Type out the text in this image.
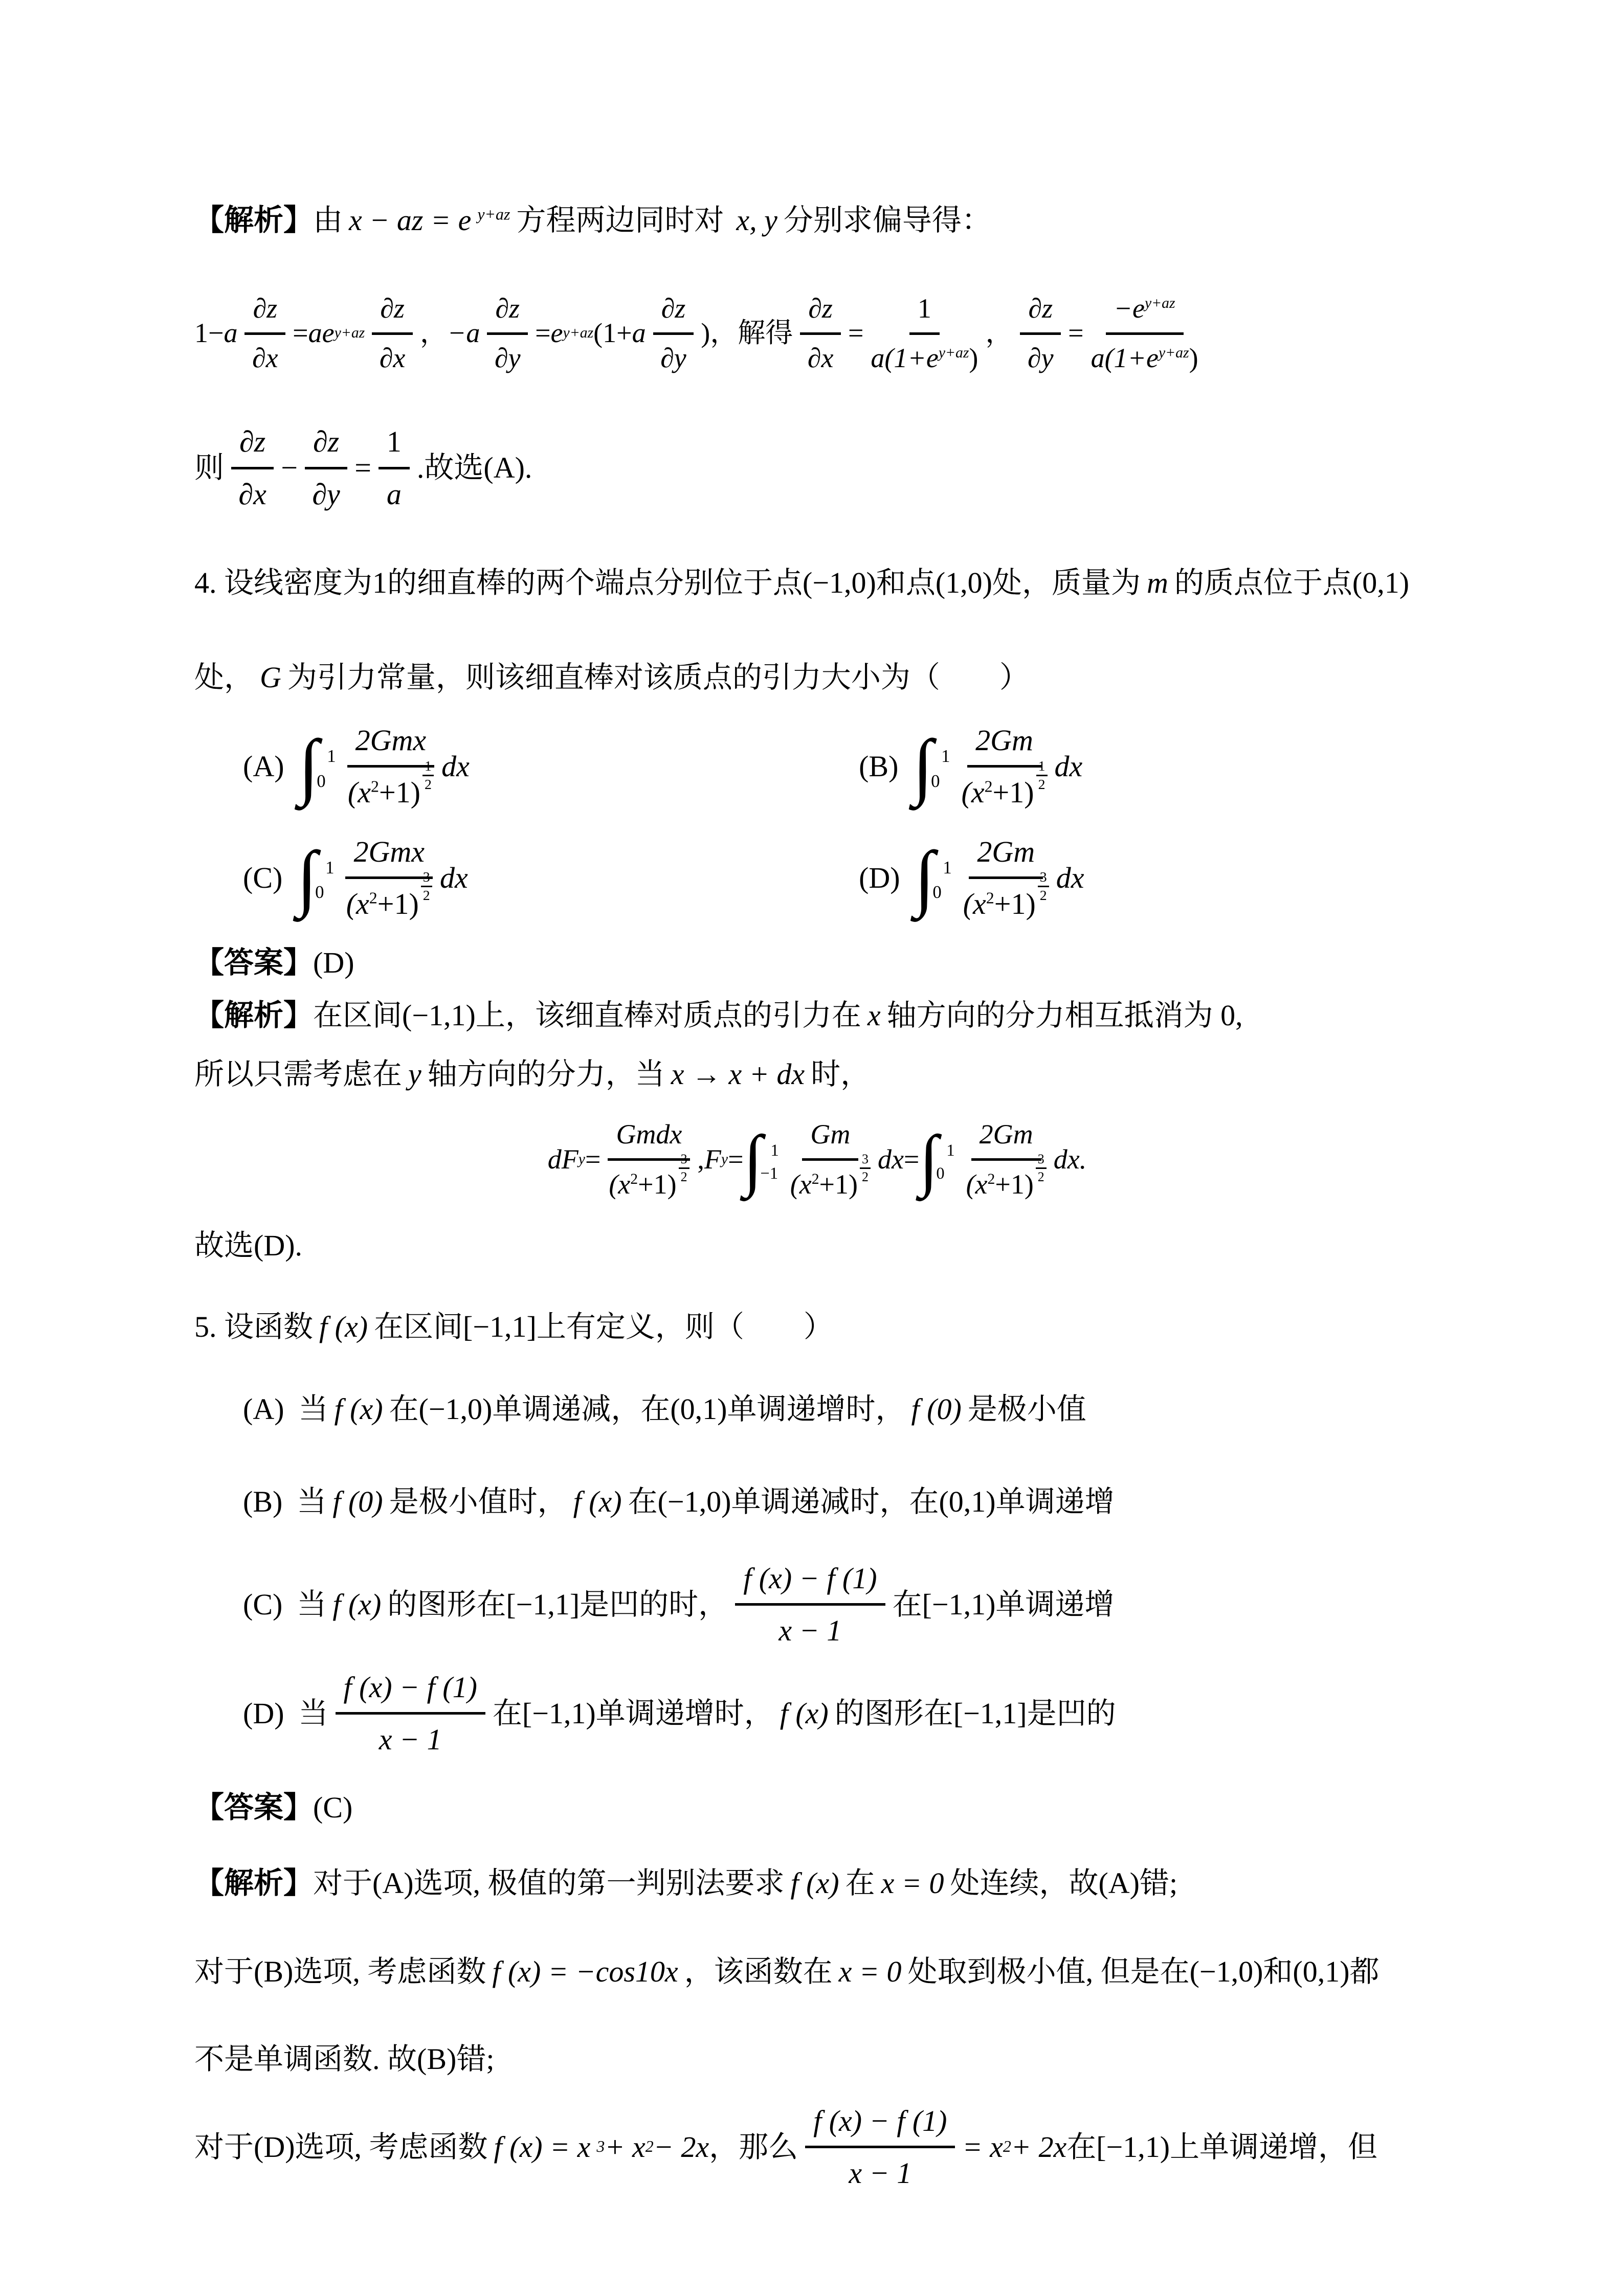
【解析】由 x − az = e $^{y+az}$ 方程两边同时对 x, y 分别求偏导得：

1− a $\frac{\partial z}{\partial x}$ = ae $y+az \frac{\partial z}{\partial x}$ ， $-a \frac{\partial z}{\partial y} = e$ y+az (1+ a $\frac{\partial z}{\partial y}$ ) ， 解得 $\frac{\partial z}{\partial x} = \frac{1}{a(1+e^{y+az})}$ ， $\frac{\partial z}{\partial y} = \frac{-e^{y+az}}{a(1+e^{y+az})}$
则 $\frac{\partial z}{\partial x} - \frac{\partial z}{\partial y} = \frac{1}{a}$ .故选(A).

4. 设线密度为1的细直棒的两个端点分别位于点(−1,0)和点(1,0)处，质量为 m 的质点位于点(0,1)

处， G 为引力常量，则该细直棒对该质点的引力大小为（　　）

(A) ∫ 1
0 2Gmx
$(x^2+1)$
$\frac{1}{2}$ dx	(B) ∫ 1
0 2Gm
$(x^2+1)$
$\frac{1}{2}$ dx
(C) ∫ 1
0 2Gmx
$(x^2+1)$
$\frac{3}{2}$ dx	(D) ∫ 1
0 2Gm
$(x^2+1)$
$\frac{3}{2}$ dx

【答案】(D)

【解析】在区间(−1,1)上，该细直棒对质点的引力在 x 轴方向的分力相互抵消为 0,

所以只需考虑在 y 轴方向的分力，当 x → x + dx 时，

dF y = Gmdx
$(x^2+1)$
$\frac{3}{2}$ , F y = ∫ 1
−1 Gm
$(x^2+1)$
$\frac{3}{2}$ dx = ∫ 1
0 2Gm
$(x^2+1)$
$\frac{3}{2}$ dx.

故选(D).

5. 设函数 f (x) 在区间[−1,1]上有定义，则（　　）

(A) 当 f (x) 在(−1,0)单调递减，在(0,1)单调递增时， f (0) 是极小值
(B) 当 f (0) 是极小值时， f (x) 在(−1,0)单调递减时，在(0,1)单调递增
(C) 当 f (x) 的图形在[−1,1]是凹的时， $\frac{f (x) - f (1)}{x - 1}$ 在[−1,1)单调递增
(D) 当 $\frac{f (x) - f (1)}{x - 1}$ 在[−1,1)单调递增时， f (x) 的图形在[−1,1]是凹的

【答案】(C)

【解析】对于(A)选项, 极值的第一判别法要求 f (x) 在 x = 0 处连续，故(A)错;

对于(B)选项, 考虑函数 f (x) = −cos10x ，该函数在 x = 0 处取到极小值, 但是在(−1,0)和(0,1)都

不是单调函数. 故(B)错;

对于(D)选项, 考虑函数 f (x) = x 3 + x 2 − 2x ，那么 $\frac{f (x) - f (1)}{x - 1} = x$ 2 + 2x 在[−1,1)上单调递增，但
